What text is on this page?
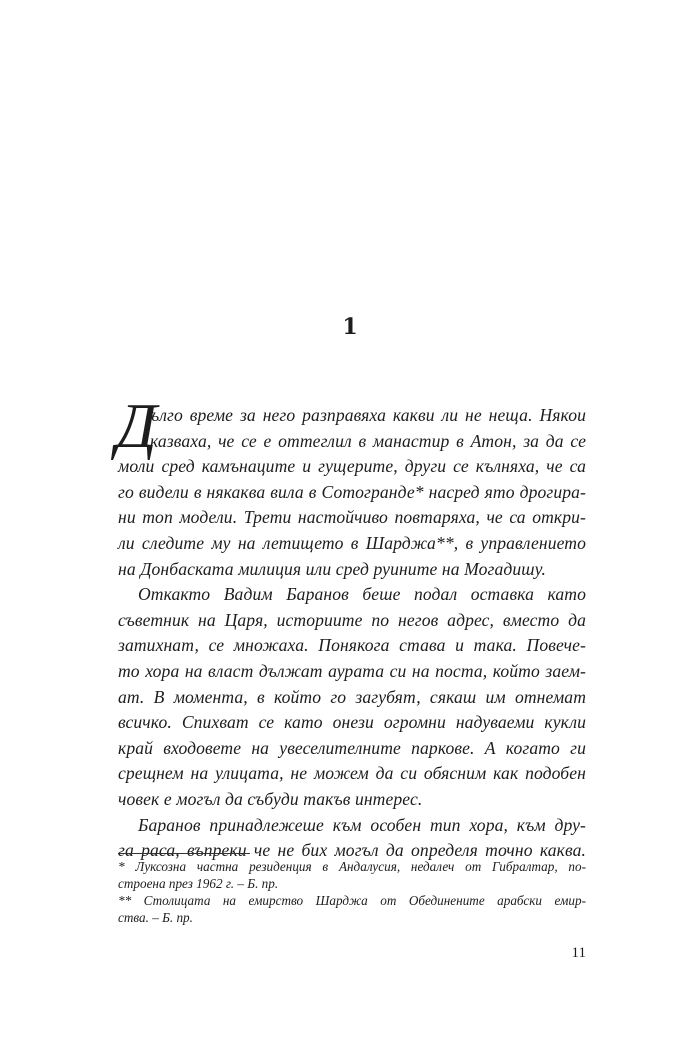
1
Д
ълго време за него разправяха какви ли не неща. Някои
казваха, че се е оттеглил в манастир в Атон, за да се
моли сред камънаците и гущерите, други се кълняха, че са
го видели в някаква вила в Сотогранде* насред ято дрогира-
ни топ модели. Трети настойчиво повтаряха, че са откри-
ли следите му на летището в Шарджа**, в управлението
на Донбаската милиция или сред руините на Могадишу.
Откакто Вадим Баранов беше подал оставка като
съветник на Царя, историите по негов адрес, вместо да
затихнат, се множаха. Понякога става и така. Повече-
то хора на власт дължат аурата си на поста, който заем-
ат. В момента, в който го загубят, сякаш им отнемат
всичко. Спихват се като онези огромни надуваеми кукли
край входовете на увеселителните паркове. А когато ги
срещнем на улицата, не можем да си обясним как подобен
човек е могъл да събуди такъв интерес.
Баранов принадлежеше към особен тип хора, към дру-
га раса, въпреки че не бих могъл да определя точно каква.
* Луксозна частна резиденция в Андалусия, недалеч от Гибралтар, по-
строена през 1962 г. – Б. пр.
** Столицата на емирство Шарджа от Обединените арабски емир-
ства. – Б. пр.
11
